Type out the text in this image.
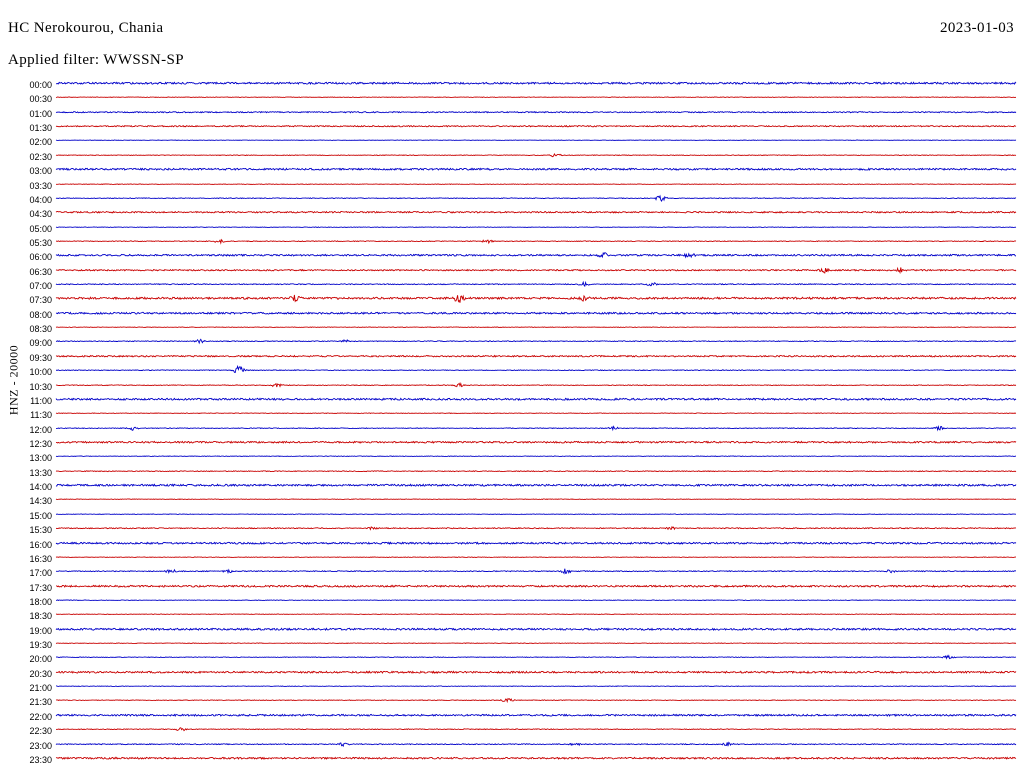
HC Nerokourou, Chania	2023-01-03
Applied filter: WWSSN-SP
HNZ - 20000
00:00
00:30
01:00
01:30
02:00
02:30
03:00
03:30
04:00
04:30
05:00
05:30
06:00
06:30
07:00
07:30
08:00
08:30
09:00
09:30
10:00
10:30
11:00
11:30
12:00
12:30
13:00
13:30
14:00
14:30
15:00
15:30
16:00
16:30
17:00
17:30
18:00
18:30
19:00
19:30
20:00
20:30
21:00
21:30
22:00
22:30
23:00
23:30
